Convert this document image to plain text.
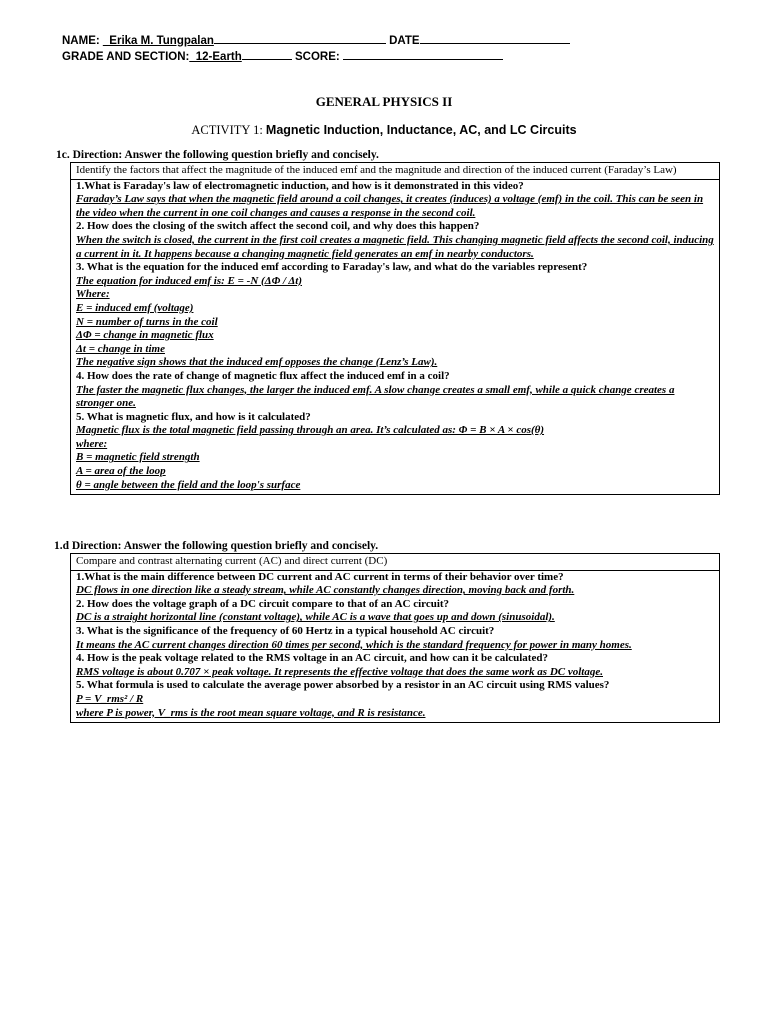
NAME: _Erika M. Tungpalan	DATE
GRADE AND SECTION:_12-Earth	SCORE:
GENERAL PHYSICS II
ACTIVITY 1: Magnetic Induction, Inductance, AC, and LC Circuits
1c. Direction: Answer the following question briefly and concisely.
Identify the factors that affect the magnitude of the induced emf and the magnitude and direction of the induced current (Faraday’s Law)
1.What is Faraday's law of electromagnetic induction, and how is it demonstrated in this video?
Faraday’s Law says that when the magnetic field around a coil changes, it creates (induces) a voltage (emf) in the coil. This can be seen in the video when the current in one coil changes and causes a response in the second coil.
2. How does the closing of the switch affect the second coil, and why does this happen?
When the switch is closed, the current in the first coil creates a magnetic field. This changing magnetic field affects the second coil, inducing a current in it. It happens because a changing magnetic field generates an emf in nearby conductors.
3. What is the equation for the induced emf according to Faraday's law, and what do the variables represent?
The equation for induced emf is: E = -N (ΔΦ / Δt)
Where:
E = induced emf (voltage)
N = number of turns in the coil
ΔΦ = change in magnetic flux
Δt = change in time
The negative sign shows that the induced emf opposes the change (Lenz’s Law).
4. How does the rate of change of magnetic flux affect the induced emf in a coil?
The faster the magnetic flux changes, the larger the induced emf. A slow change creates a small emf, while a quick change creates a stronger one.
5. What is magnetic flux, and how is it calculated?
Magnetic flux is the total magnetic field passing through an area. It’s calculated as: Φ = B × A × cos(θ)
where:
B = magnetic field strength
A = area of the loop
θ = angle between the field and the loop's surface
1.d Direction: Answer the following question briefly and concisely.
Compare and contrast alternating current (AC) and direct current (DC)
1.What is the main difference between DC current and AC current in terms of their behavior over time?
DC flows in one direction like a steady stream, while AC constantly changes direction, moving back and forth.
2. How does the voltage graph of a DC circuit compare to that of an AC circuit?
DC is a straight horizontal line (constant voltage), while AC is a wave that goes up and down (sinusoidal).
3. What is the significance of the frequency of 60 Hertz in a typical household AC circuit?
It means the AC current changes direction 60 times per second, which is the standard frequency for power in many homes.
4. How is the peak voltage related to the RMS voltage in an AC circuit, and how can it be calculated?
RMS voltage is about 0.707 × peak voltage. It represents the effective voltage that does the same work as DC voltage.
5. What formula is used to calculate the average power absorbed by a resistor in an AC circuit using RMS values?
P = V_rms² / R
where P is power, V_rms is the root mean square voltage, and R is resistance.
